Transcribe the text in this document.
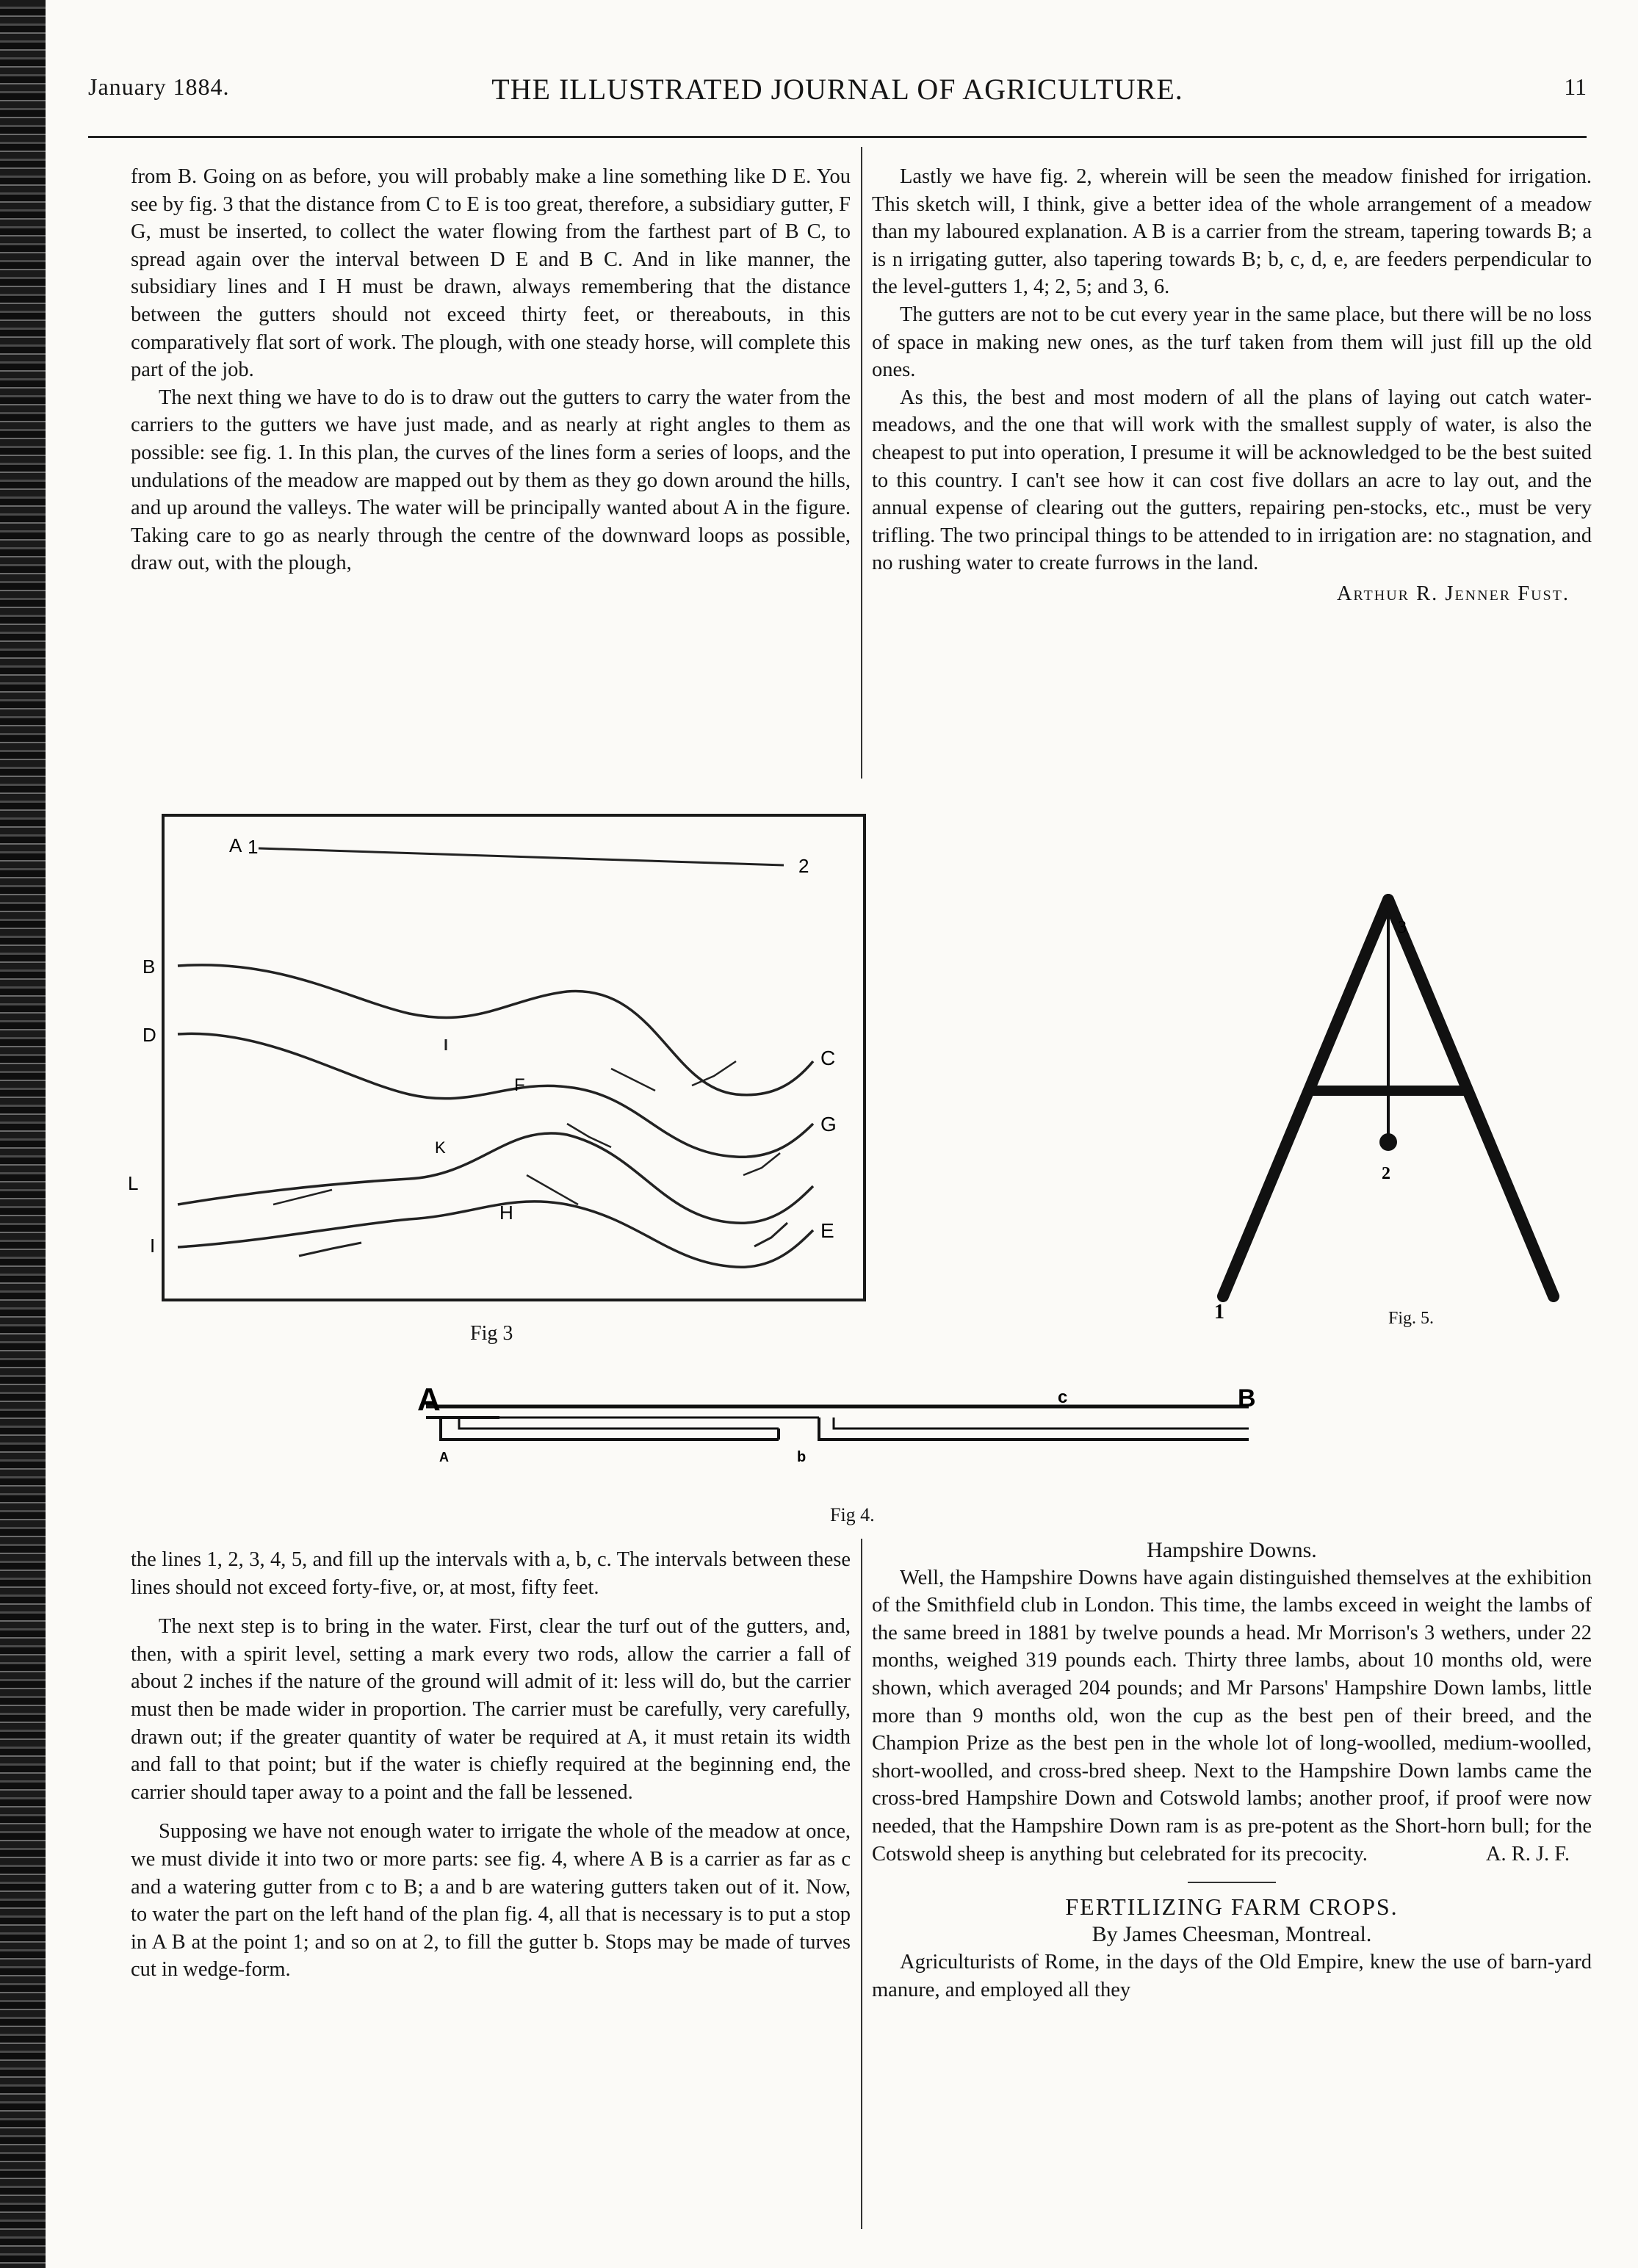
January 1884.	THE ILLUSTRATED JOURNAL OF AGRICULTURE.	11

from B. Going on as before, you will probably make a line something like D E. You see by fig. 3 that the distance from C to E is too great, therefore, a subsidiary gutter, F G, must be inserted, to collect the water flowing from the farthest part of B C, to spread again over the interval between D E and B C. And in like manner, the subsidiary lines and I H must be drawn, always remembering that the distance between the gutters should not exceed thirty feet, or thereabouts, in this comparatively flat sort of work. The plough, with one steady horse, will complete this part of the job.

The next thing we have to do is to draw out the gutters to carry the water from the carriers to the gutters we have just made, and as nearly at right angles to them as possible: see fig. 1. In this plan, the curves of the lines form a series of loops, and the undulations of the meadow are mapped out by them as they go down around the hills, and up around the valleys. The water will be principally wanted about A in the figure. Taking care to go as nearly through the centre of the downward loops as possible, draw out, with the plough,

Lastly we have fig. 2, wherein will be seen the meadow finished for irrigation. This sketch will, I think, give a better idea of the whole arrangement of a meadow than my laboured explanation. A B is a carrier from the stream, tapering towards B; a is n irrigating gutter, also tapering towards B; b, c, d, e, are feeders perpendicular to the level-gutters 1, 4; 2, 5; and 3, 6.

The gutters are not to be cut every year in the same place, but there will be no loss of space in making new ones, as the turf taken from them will just fill up the old ones.

As this, the best and most modern of all the plans of laying out catch water-meadows, and the one that will work with the smallest supply of water, is also the cheapest to put into operation, I presume it will be acknowledged to be the best suited to this country. I can't see how it can cost five dollars an acre to lay out, and the annual expense of clearing out the gutters, repairing pen-stocks, etc., must be very trifling. The two principal things to be attended to in irrigation are: no stagnation, and no rushing water to create furrows in the land.

Arthur R. Jenner Fust.

A 1
2
B
D
L
I
C
G
E
F
K
H
Fig 3
3
2
1	Fig. 5.
A
A	b
c	B
Fig 4.

the lines 1, 2, 3, 4, 5, and fill up the intervals with a, b, c. The intervals between these lines should not exceed forty-five, or, at most, fifty feet.

The next step is to bring in the water. First, clear the turf out of the gutters, and, then, with a spirit level, setting a mark every two rods, allow the carrier a fall of about 2 inches if the nature of the ground will admit of it: less will do, but the carrier must then be made wider in proportion. The carrier must be carefully, very carefully, drawn out; if the greater quantity of water be required at A, it must retain its width and fall to that point; but if the water is chiefly required at the beginning end, the carrier should taper away to a point and the fall be lessened.

Supposing we have not enough water to irrigate the whole of the meadow at once, we must divide it into two or more parts: see fig. 4, where A B is a carrier as far as c and a watering gutter from c to B; a and b are watering gutters taken out of it. Now, to water the part on the left hand of the plan fig. 4, all that is necessary is to put a stop in A B at the point 1; and so on at 2, to fill the gutter b. Stops may be made of turves cut in wedge-form.

Hampshire Downs.

Well, the Hampshire Downs have again distinguished themselves at the exhibition of the Smithfield club in London. This time, the lambs exceed in weight the lambs of the same breed in 1881 by twelve pounds a head. Mr Morrison's 3 wethers, under 22 months, weighed 319 pounds each. Thirty three lambs, about 10 months old, were shown, which averaged 204 pounds; and Mr Parsons' Hampshire Down lambs, little more than 9 months old, won the cup as the best pen of their breed, and the Champion Prize as the best pen in the whole lot of long-woolled, medium-woolled, short-woolled, and cross-bred sheep. Next to the Hampshire Down lambs came the cross-bred Hampshire Down and Cotswold lambs; another proof, if proof were now needed, that the Hampshire Down ram is as pre-potent as the Short-horn bull; for the Cotswold sheep is anything but celebrated for its precocity.	A. R. J. F.

FERTILIZING FARM CROPS.
By James Cheesman, Montreal.

Agriculturists of Rome, in the days of the Old Empire, knew the use of barn-yard manure, and employed all they
